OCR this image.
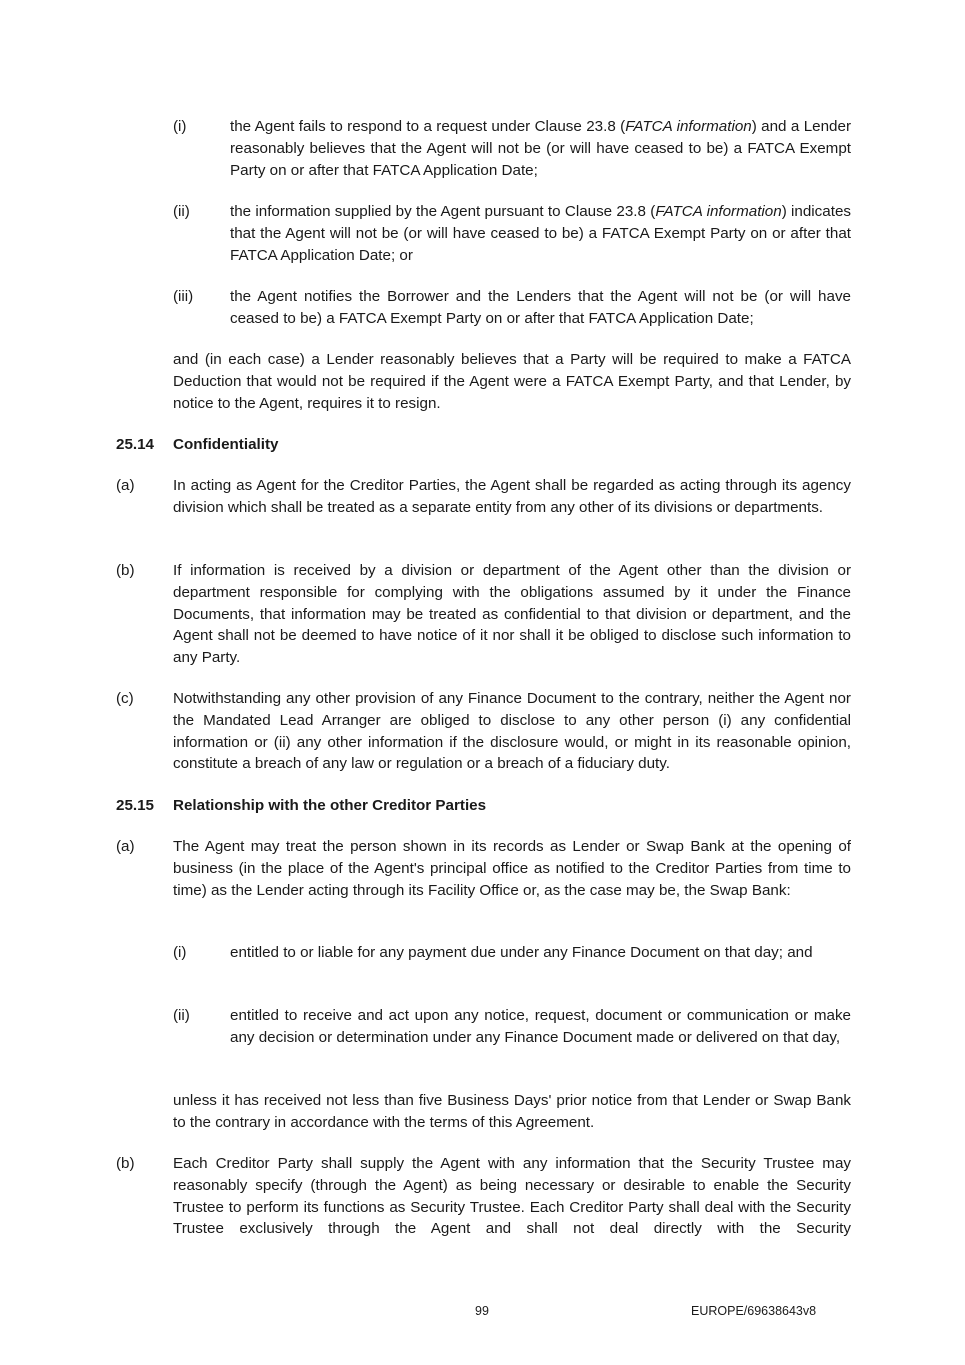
(i)	the Agent fails to respond to a request under Clause 23.8 (FATCA information) and a Lender reasonably believes that the Agent will not be (or will have ceased to be) a FATCA Exempt Party on or after that FATCA Application Date;

(ii)	the information supplied by the Agent pursuant to Clause 23.8 (FATCA information) indicates that the Agent will not be (or will have ceased to be) a FATCA Exempt Party on or after that FATCA Application Date; or

(iii) the Agent notifies the Borrower and the Lenders that the Agent will not be (or will have ceased to be) a FATCA Exempt Party on or after that FATCA Application Date;

and (in each case) a Lender reasonably believes that a Party will be required to make a FATCA Deduction that would not be required if the Agent were a FATCA Exempt Party, and that Lender, by notice to the Agent, requires it to resign.

25.14 Confidentiality

(a)	In acting as Agent for the Creditor Parties, the Agent shall be regarded as acting through its agency division which shall be treated as a separate entity from any other of its divisions or departments.

(b)	If information is received by a division or department of the Agent other than the division or department responsible for complying with the obligations assumed by it under the Finance Documents, that information may be treated as confidential to that division or department, and the Agent shall not be deemed to have notice of it nor shall it be obliged to disclose such information to any Party.

(c)	Notwithstanding any other provision of any Finance Document to the contrary, neither the Agent nor the Mandated Lead Arranger are obliged to disclose to any other person (i) any confidential information or (ii) any other information if the disclosure would, or might in its reasonable opinion, constitute a breach of any law or regulation or a breach of a fiduciary duty.

25.15 Relationship with the other Creditor Parties

(a)	The Agent may treat the person shown in its records as Lender or Swap Bank at the opening of business (in the place of the Agent's principal office as notified to the Creditor Parties from time to time) as the Lender acting through its Facility Office or, as the case may be, the Swap Bank:

(i)	entitled to or liable for any payment due under any Finance Document on that day; and

(ii)	entitled to receive and act upon any notice, request, document or communication or make any decision or determination under any Finance Document made or delivered on that day,

unless it has received not less than five Business Days' prior notice from that Lender or Swap Bank to the contrary in accordance with the terms of this Agreement.

(b)	Each Creditor Party shall supply the Agent with any information that the Security Trustee may reasonably specify (through the Agent) as being necessary or desirable to enable the Security Trustee to perform its functions as Security Trustee. Each Creditor Party shall deal with the Security Trustee exclusively through the Agent and shall not deal directly with the Security

99	EUROPE/69638643v8
